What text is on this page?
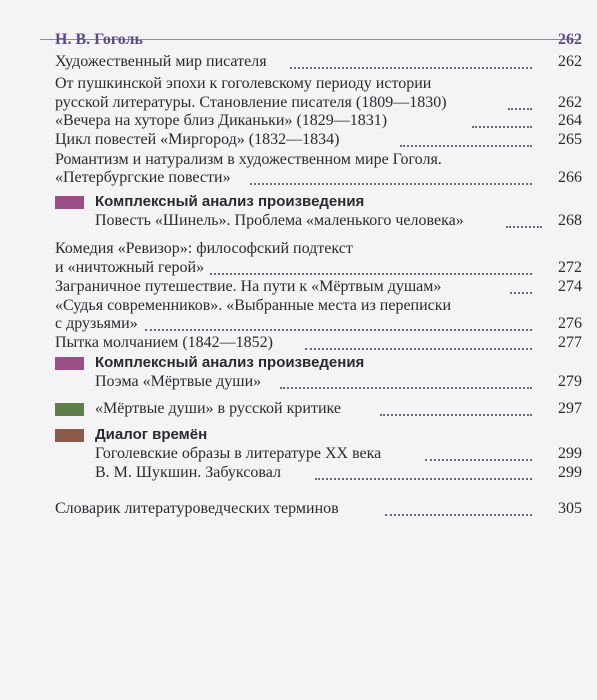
Н. В. Гоголь	262
Художественный мир писателя	262
От пушкинской эпохи к гоголевскому периоду истории
русской литературы. Становление писателя (1809—1830)	262
«Вечера на хуторе близ Диканьки» (1829—1831)	264
Цикл повестей «Миргород» (1832—1834)	265
Романтизм и натурализм в художественном мире Гоголя.
«Петербургские повести»	266
Комплексный анализ произведения
Повесть «Шинель». Проблема «маленького человека»	268
Комедия «Ревизор»: философский подтекст
и «ничтожный герой»	272
Заграничное путешествие. На пути к «Мёртвым душам»	274
«Судья современников». «Выбранные места из переписки
с друзьями»	276
Пытка молчанием (1842—1852)	277
Комплексный анализ произведения
Поэма «Мёртвые души»	279
«Мёртвые души» в русской критике	297
Диалог времён
Гоголевские образы в литературе XX века	299
В. М. Шукшин. Забуксовал	299
Словарик литературоведческих терминов	305
